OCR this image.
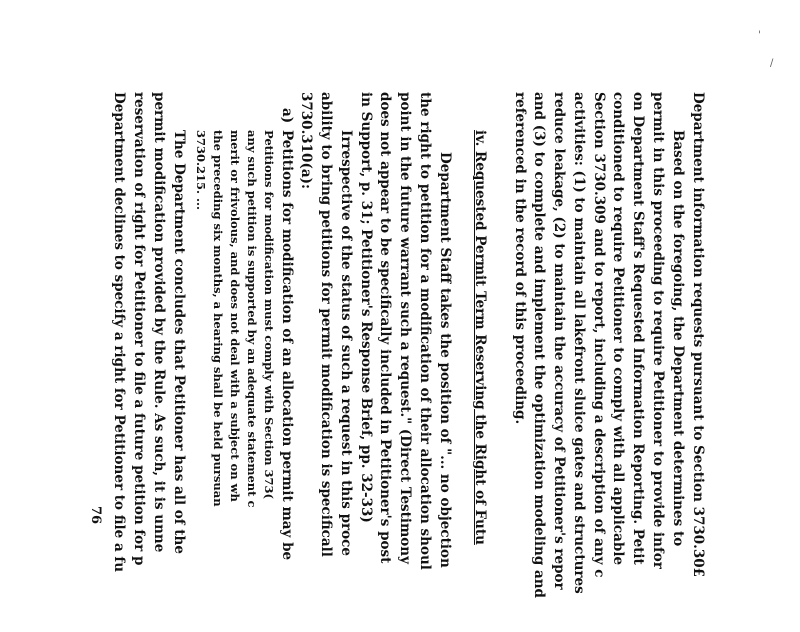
Department information requests pursuant to Section 3730.30£
Based on the foregoing, the Department determines to
permit in this proceeding to require Petitioner to provide infor
on Department Staff's Requested Information Reporting. Petit
conditioned to require Petitioner to comply with all applicable
Section 3730.309 and to report, including a description of any c
activities: (1) to maintain all lakefront sluice gates and structures
reduce leakage, (2) to maintain the accuracy of Petitioner's repor
and (3) to complete and implement the optimization modeling and
referenced in the record of this proceeding.
iv. Requested Permit Term Reserving the Right of Futu
Department Staff takes the position of "... no objection
the right to petition for a modification of their allocation shoul
point in the future warrant such a request." (Direct Testimony
does not appear to be specifically included in Petitioner's post
in Support, p. 31; Petitioner's Response Brief, pp. 32-33)
Irrespective of the status of such a request in this proce
ability to bring petitions for permit modification is specificall
3730.310(a):
a)
Petitions for modification of an allocation permit may be
Petitions for modification must comply with Section 373(
any such petition is supported by an adequate statement c
merit or frivolous, and does not deal with a subject on wh
the preceding six months, a hearing shall be held pursuan
3730.215. ...
The Department concludes that Petitioner has all of the
permit modification provided by the Rule. As such, it is unne
reservation of right for Petitioner to file a future petition for p
Department declines to specify a right for Petitioner to file a fu
76
'
/
